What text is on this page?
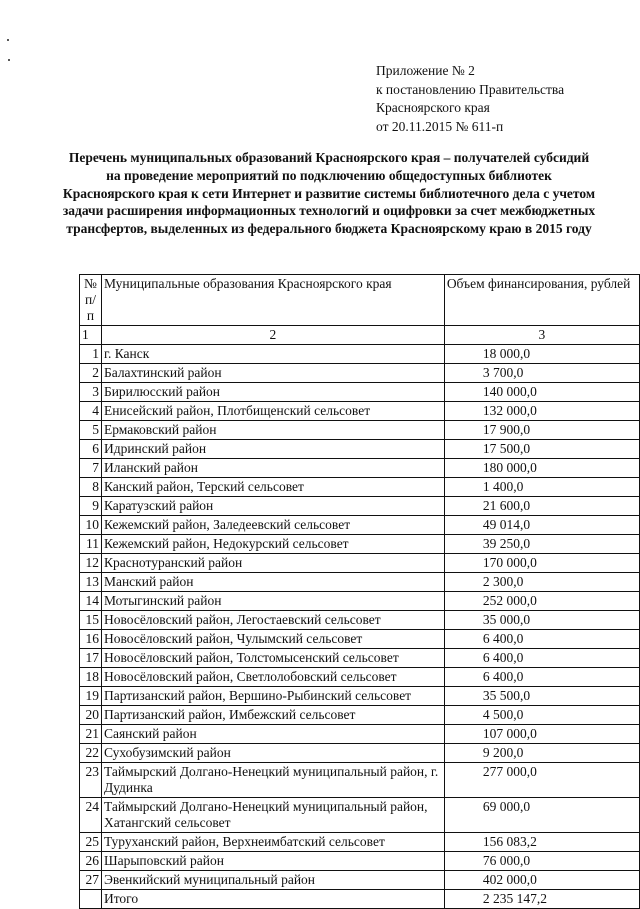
Приложение № 2
к постановлению Правительства
Красноярского края
от 20.11.2015 № 611-п
Перечень муниципальных образований Красноярского края – получателей субсидий на проведение мероприятий по подключению общедоступных библиотек Красноярского края к сети Интернет и развитие системы библиотечного дела с учетом задачи расширения информационных технологий и оцифровки за счет межбюджетных трансфертов, выделенных из федерального бюджета Красноярскому краю в 2015 году
№ п/п	Муниципальные образования Красноярского края	Объем финансирования, рублей
1	2	3
1	г. Канск	18 000,0
2	Балахтинский район	3 700,0
3	Бирилюсский район	140 000,0
4	Енисейский район, Плотбищенский сельсовет	132 000,0
5	Ермаковский район	17 900,0
6	Идринский район	17 500,0
7	Иланский район	180 000,0
8	Канский район, Терский сельсовет	1 400,0
9	Каратузский район	21 600,0
10	Кежемский район, Заледеевский сельсовет	49 014,0
11	Кежемский район, Недокурский сельсовет	39 250,0
12	Краснотуранский район	170 000,0
13	Манский район	2 300,0
14	Мотыгинский район	252 000,0
15	Новосёловский район, Легостаевский сельсовет	35 000,0
16	Новосёловский район, Чулымский сельсовет	6 400,0
17	Новосёловский район, Толстомысенский сельсовет	6 400,0
18	Новосёловский район, Светлолобовский сельсовет	6 400,0
19	Партизанский район, Вершино-Рыбинский сельсовет	35 500,0
20	Партизанский район, Имбежский сельсовет	4 500,0
21	Саянский район	107 000,0
22	Сухобузимский район	9 200,0
23	Таймырский Долгано-Ненецкий муниципальный район, г. Дудинка	277 000,0
24	Таймырский Долгано-Ненецкий муниципальный район, Хатангский сельсовет	69 000,0
25	Туруханский район, Верхнеимбатский сельсовет	156 083,2
26	Шарыповский район	76 000,0
27	Эвенкийский муниципальный район	402 000,0
	Итого	2 235 147,2
